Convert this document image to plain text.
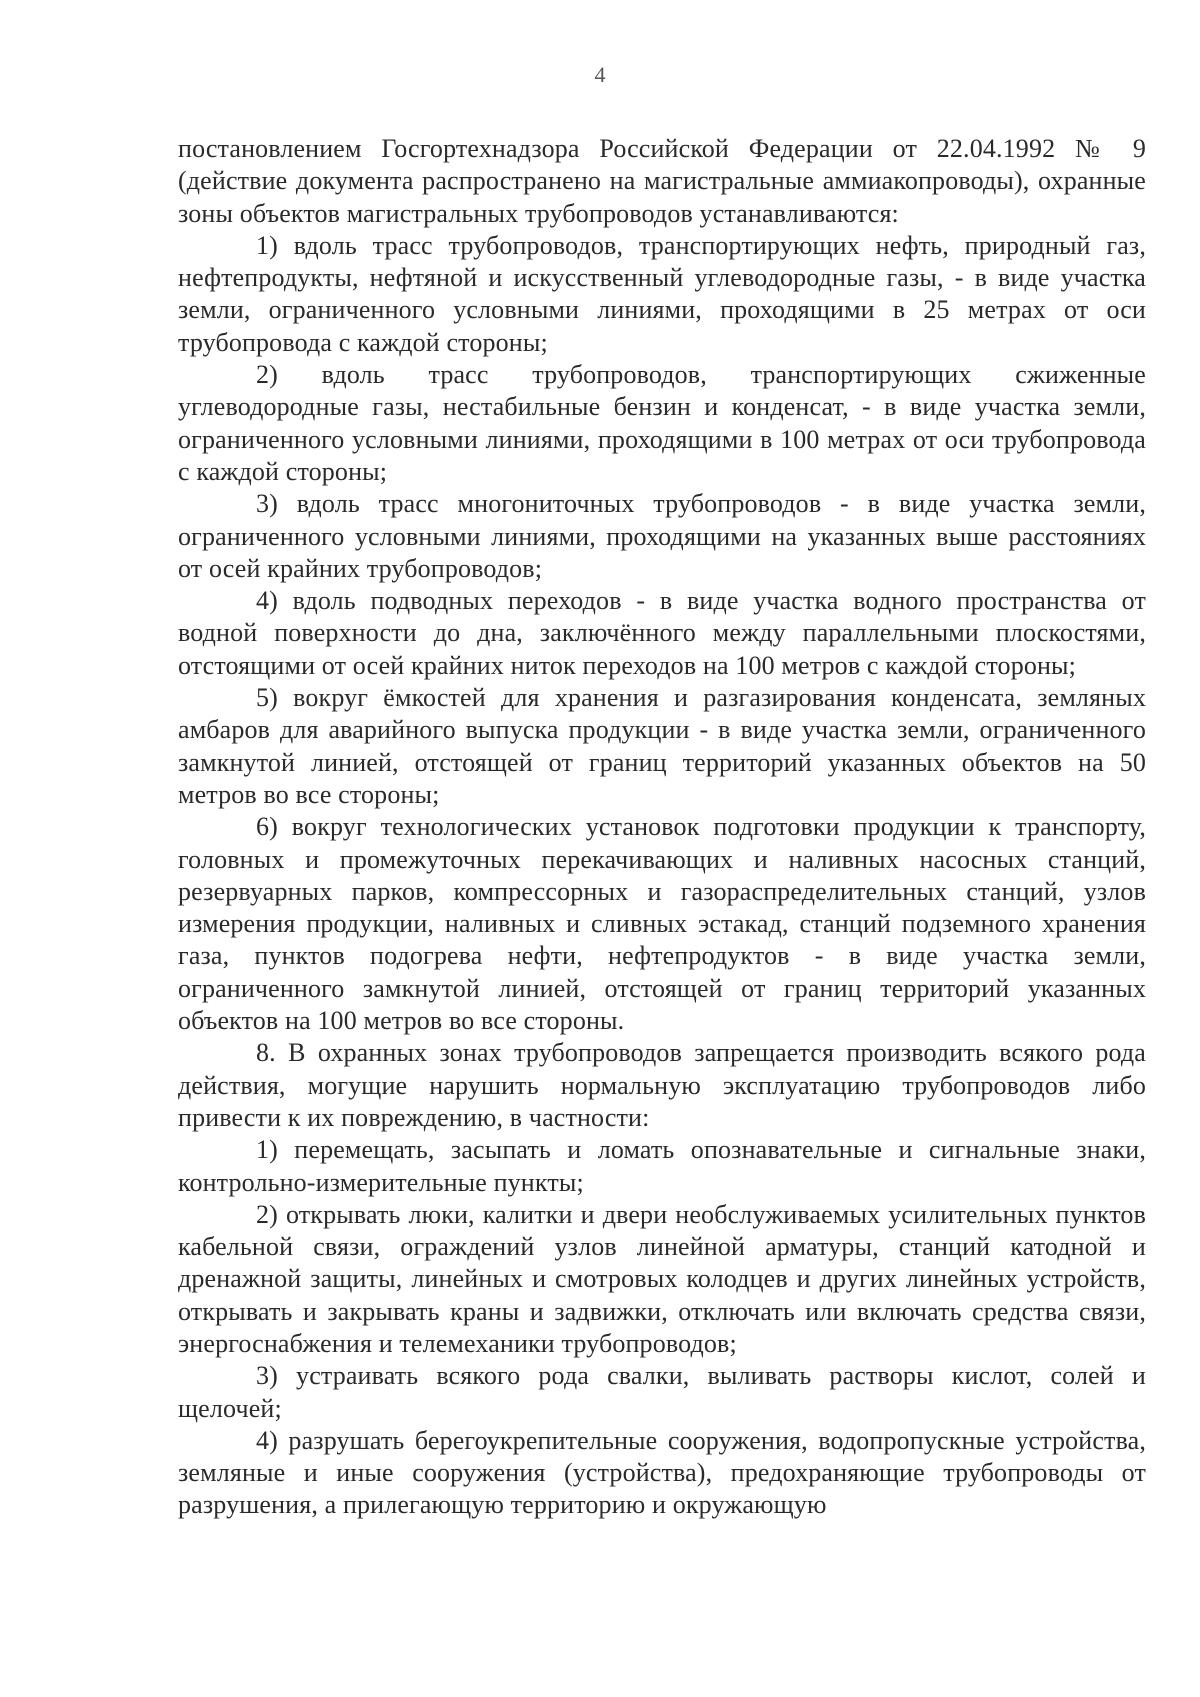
4

постановлением Госгортехнадзора Российской Федерации от 22.04.1992 № 9 (действие документа распространено на магистральные аммиакопроводы), охранные зоны объектов магистральных трубопроводов устанавливаются:

1) вдоль трасс трубопроводов, транспортирующих нефть, природный газ, нефтепродукты, нефтяной и искусственный углеводородные газы, - в виде участка земли, ограниченного условными линиями, проходящими в 25 метрах от оси трубопровода с каждой стороны;

2) вдоль трасс трубопроводов, транспортирующих сжиженные углеводородные газы, нестабильные бензин и конденсат, - в виде участка земли, ограниченного условными линиями, проходящими в 100 метрах от оси трубопровода с каждой стороны;

3) вдоль трасс многониточных трубопроводов - в виде участка земли, ограниченного условными линиями, проходящими на указанных выше расстояниях от осей крайних трубопроводов;

4) вдоль подводных переходов - в виде участка водного пространства от водной поверхности до дна, заключённого между параллельными плоскостями, отстоящими от осей крайних ниток переходов на 100 метров с каждой стороны;

5) вокруг ёмкостей для хранения и разгазирования конденсата, земляных амбаров для аварийного выпуска продукции - в виде участка земли, ограниченного замкнутой линией, отстоящей от границ территорий указанных объектов на 50 метров во все стороны;

6) вокруг технологических установок подготовки продукции к транспорту, головных и промежуточных перекачивающих и наливных насосных станций, резервуарных парков, компрессорных и газораспределительных станций, узлов измерения продукции, наливных и сливных эстакад, станций подземного хранения газа, пунктов подогрева нефти, нефтепродуктов - в виде участка земли, ограниченного замкнутой линией, отстоящей от границ территорий указанных объектов на 100 метров во все стороны.

8. В охранных зонах трубопроводов запрещается производить всякого рода действия, могущие нарушить нормальную эксплуатацию трубопроводов либо привести к их повреждению, в частности:

1) перемещать, засыпать и ломать опознавательные и сигнальные знаки, контрольно-измерительные пункты;

2) открывать люки, калитки и двери необслуживаемых усилительных пунктов кабельной связи, ограждений узлов линейной арматуры, станций катодной и дренажной защиты, линейных и смотровых колодцев и других линейных устройств, открывать и закрывать краны и задвижки, отключать или включать средства связи, энергоснабжения и телемеханики трубопроводов;

3) устраивать всякого рода свалки, выливать растворы кислот, солей и щелочей;

4) разрушать берегоукрепительные сооружения, водопропускные устройства, земляные и иные сооружения (устройства), предохраняющие трубопроводы от разрушения, а прилегающую территорию и окружающую
